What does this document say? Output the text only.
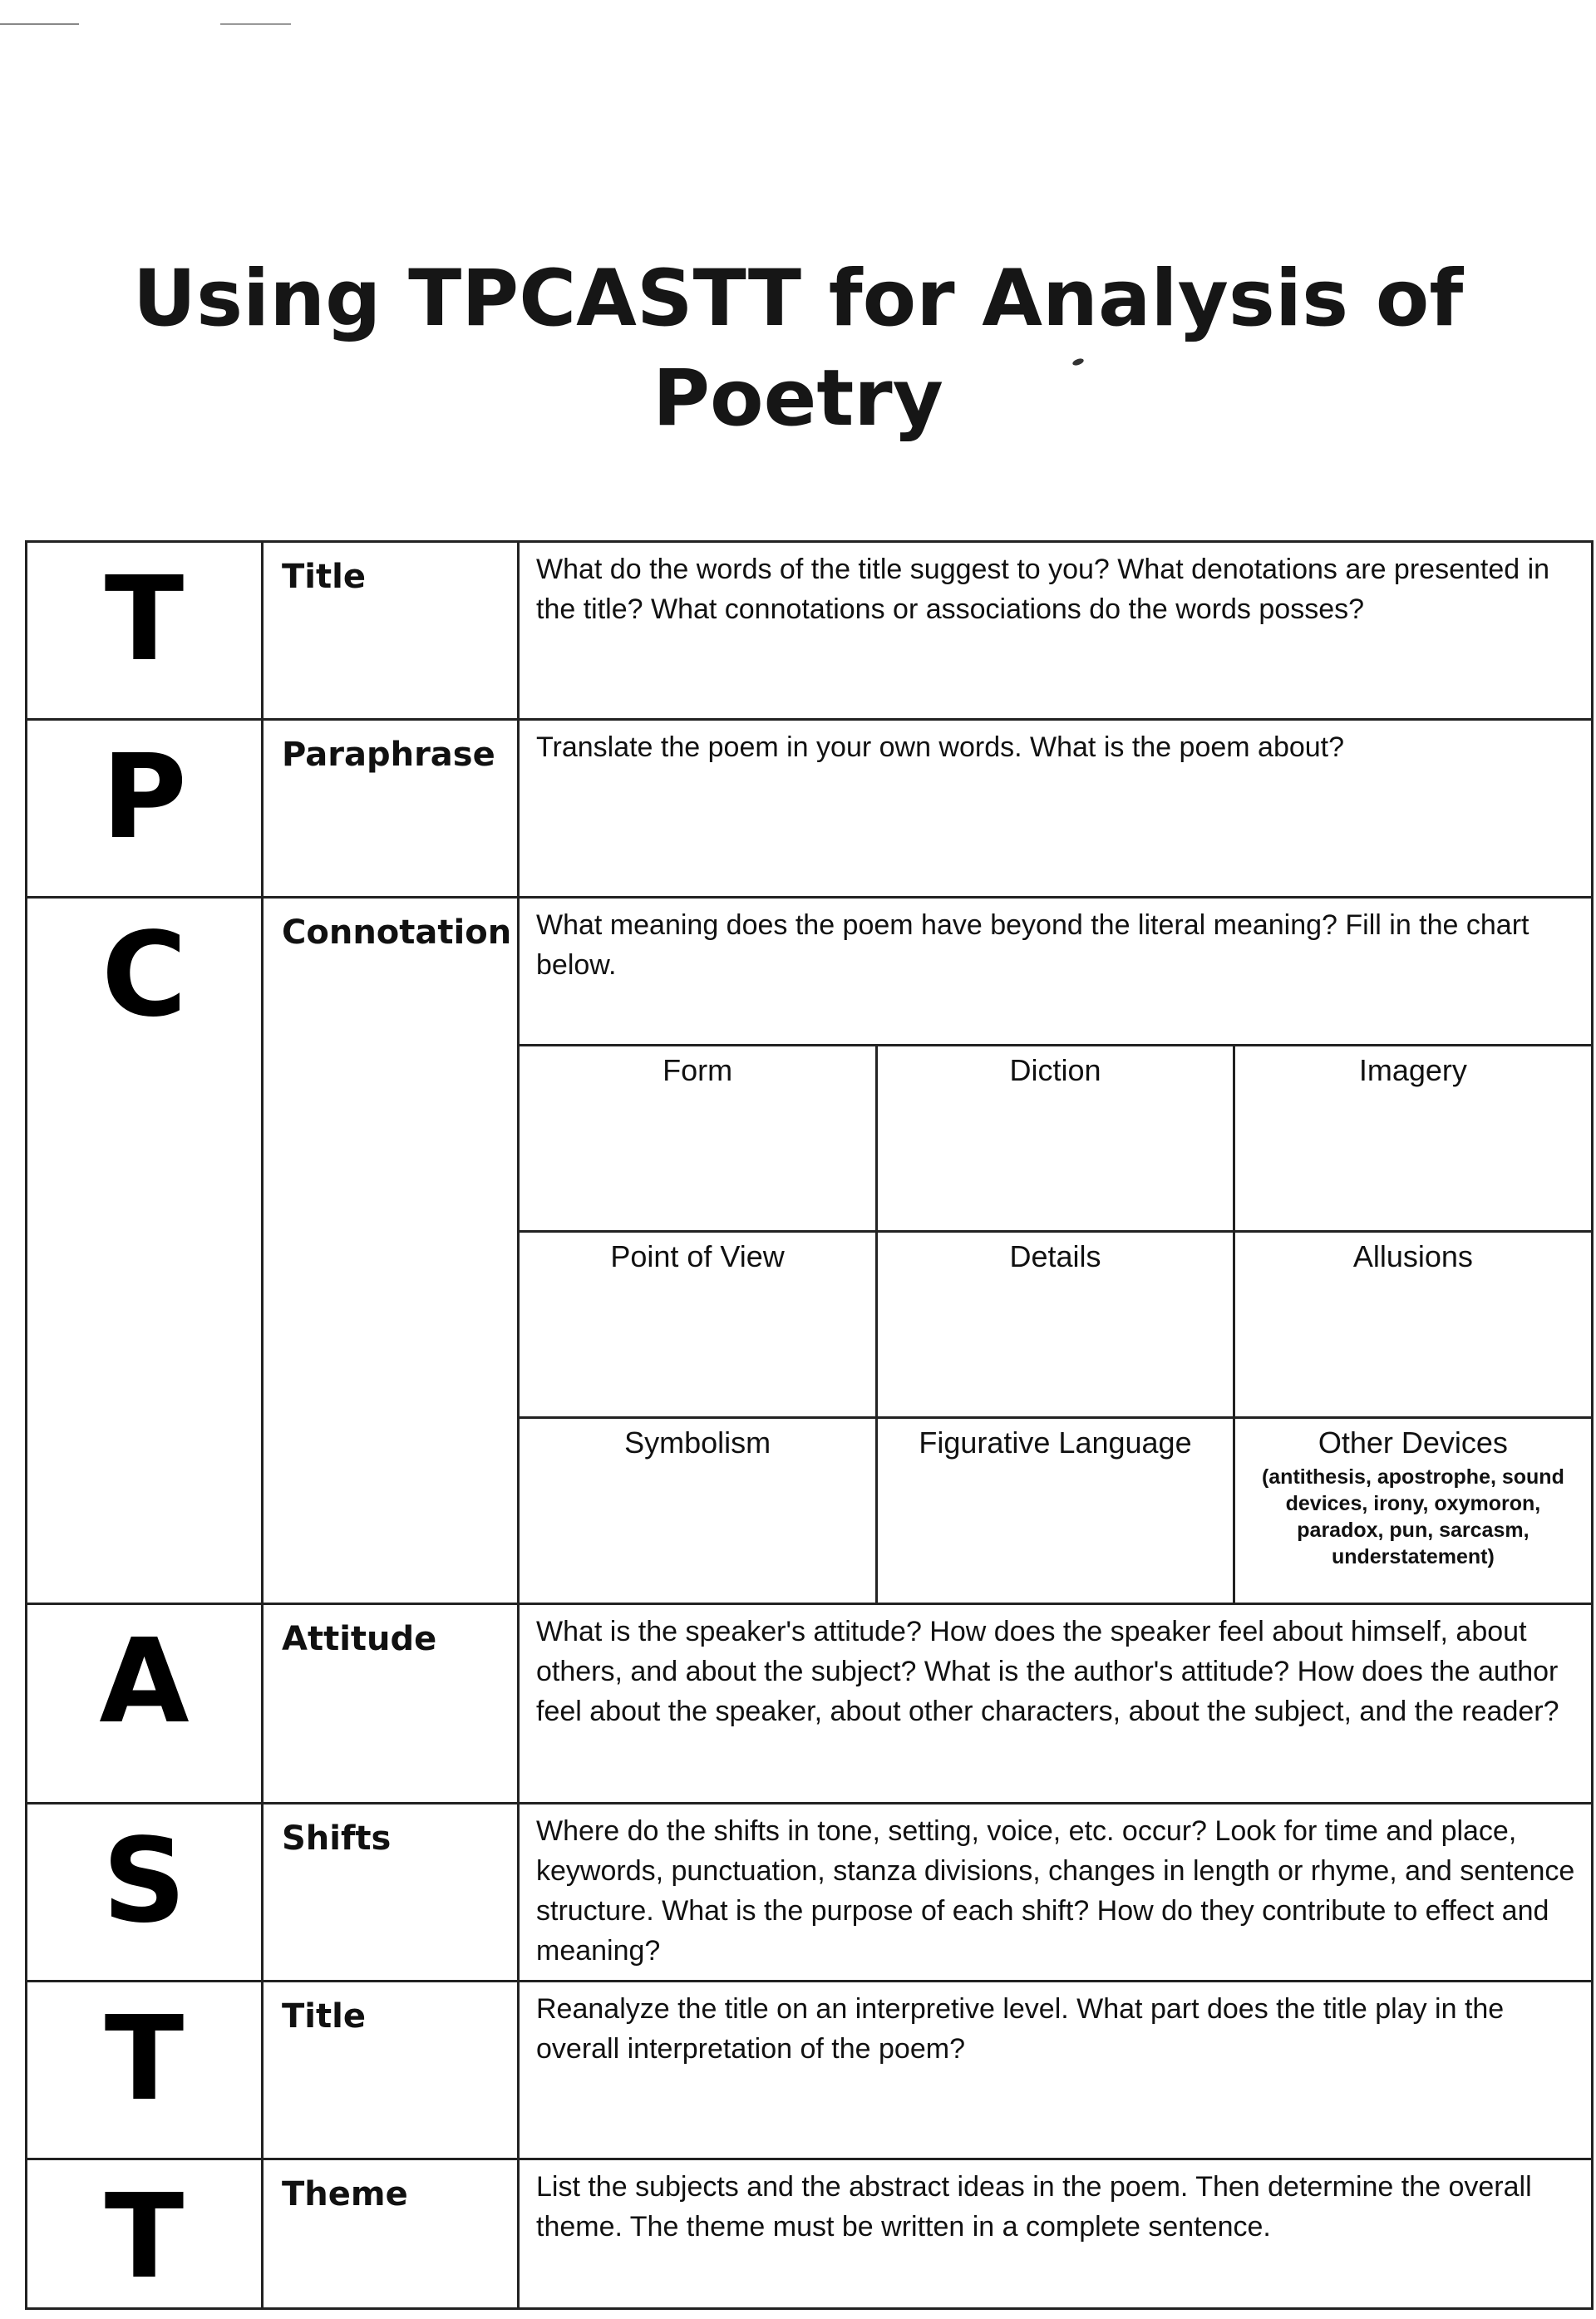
Using TPCASTT for Analysis of
Poetry
T	Title	What do the words of the title suggest to you? What denotations are presented in the title? What connotations or associations do the words posses?

P	Paraphrase	Translate the poem in your own words. What is the poem about?

C	Connotation	What meaning does the poem have beyond the literal meaning? Fill in the chart below.
Form	Diction	Imagery
Point of View	Details	Allusions
Symbolism	Figurative Language	Other Devices
(antithesis, apostrophe, sound devices, irony, oxymoron, paradox, pun, sarcasm, understatement)

A	Attitude	What is the speaker's attitude? How does the speaker feel about himself, about others, and about the subject? What is the author's attitude? How does the author feel about the speaker, about other characters, about the subject, and the reader?

S	Shifts	Where do the shifts in tone, setting, voice, etc. occur? Look for time and place, keywords, punctuation, stanza divisions, changes in length or rhyme, and sentence structure. What is the purpose of each shift? How do they contribute to effect and meaning?

T	Title	Reanalyze the title on an interpretive level. What part does the title play in the overall interpretation of the poem?

T	Theme	List the subjects and the abstract ideas in the poem. Then determine the overall theme. The theme must be written in a complete sentence.
